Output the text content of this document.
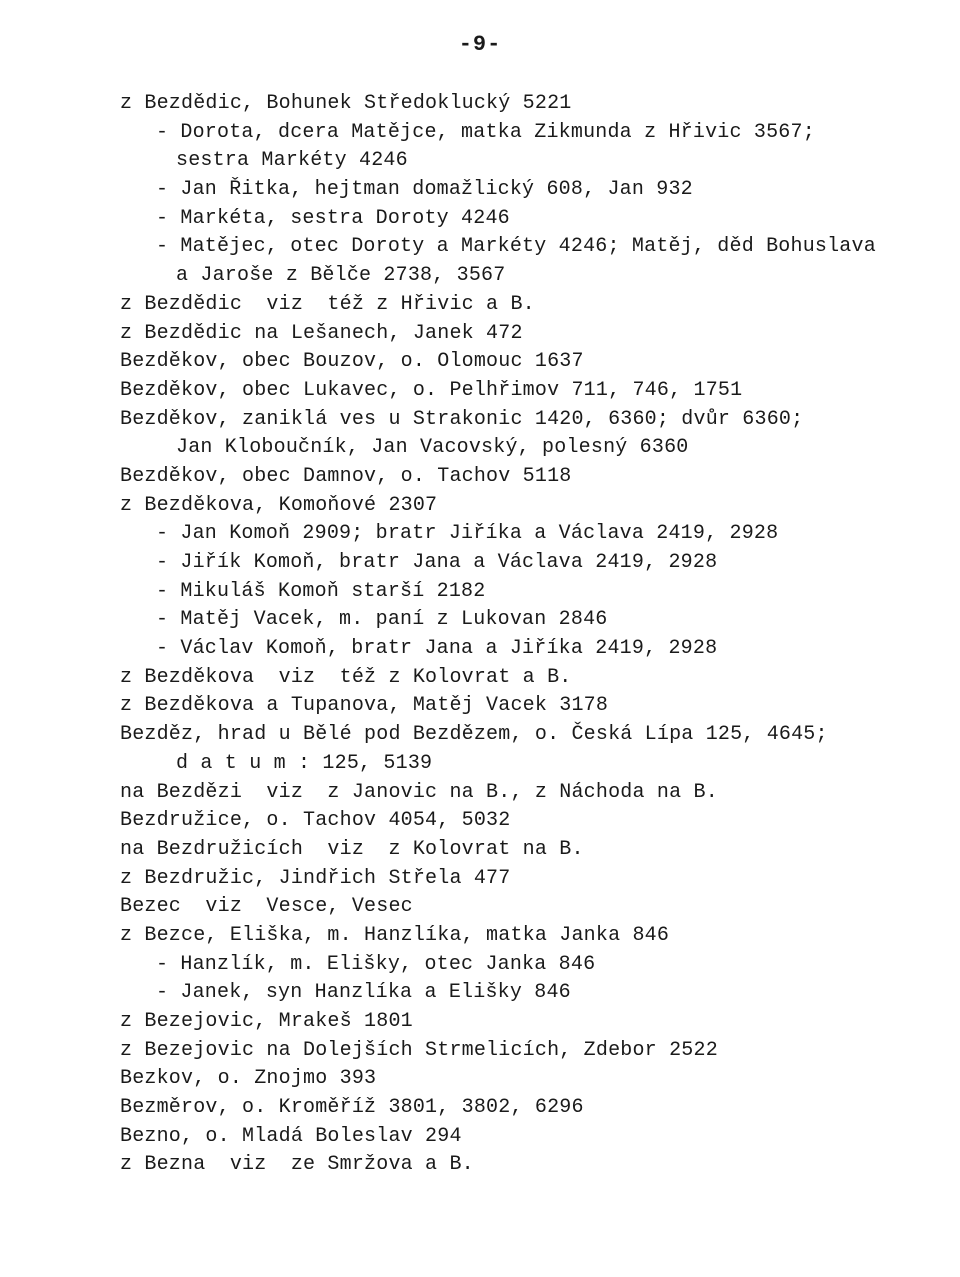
-9-
z Bezdědic, Bohunek Středoklucký 5221
- Dorota, dcera Matějce, matka Zikmunda z Hřivic 3567;
sestra Markéty 4246
- Jan Řitka, hejtman domažlický 608, Jan 932
- Markéta, sestra Doroty 4246
- Matějec, otec Doroty a Markéty 4246; Matěj, děd Bohuslava
a Jaroše z Bělče 2738, 3567
z Bezdědic  viz  též z Hřivic a B.
z Bezdědic na Lešanech, Janek 472
Bezděkov, obec Bouzov, o. Olomouc 1637
Bezděkov, obec Lukavec, o. Pelhřimov 711, 746, 1751
Bezděkov, zaniklá ves u Strakonic 1420, 6360; dvůr 6360;
Jan Kloboučník, Jan Vacovský, polesný 6360
Bezděkov, obec Damnov, o. Tachov 5118
z Bezděkova, Komoňové 2307
- Jan Komoň 2909; bratr Jiříka a Václava 2419, 2928
- Jiřík Komoň, bratr Jana a Václava 2419, 2928
- Mikuláš Komoň starší 2182
- Matěj Vacek, m. paní z Lukovan 2846
- Václav Komoň, bratr Jana a Jiříka 2419, 2928
z Bezděkova  viz  též z Kolovrat a B.
z Bezděkova a Tupanova, Matěj Vacek 3178
Bezděz, hrad u Bělé pod Bezdězem, o. Česká Lípa 125, 4645;
d a t u m : 125, 5139
na Bezdězi  viz  z Janovic na B., z Náchoda na B.
Bezdružice, o. Tachov 4054, 5032
na Bezdružicích  viz  z Kolovrat na B.
z Bezdružic, Jindřich Střela 477
Bezec  viz  Vesce, Vesec
z Bezce, Eliška, m. Hanzlíka, matka Janka 846
- Hanzlík, m. Elišky, otec Janka 846
- Janek, syn Hanzlíka a Elišky 846
z Bezejovic, Mrakeš 1801
z Bezejovic na Dolejších Strmelicích, Zdebor 2522
Bezkov, o. Znojmo 393
Bezměrov, o. Kroměříž 3801, 3802, 6296
Bezno, o. Mladá Boleslav 294
z Bezna  viz  ze Smržova a B.
